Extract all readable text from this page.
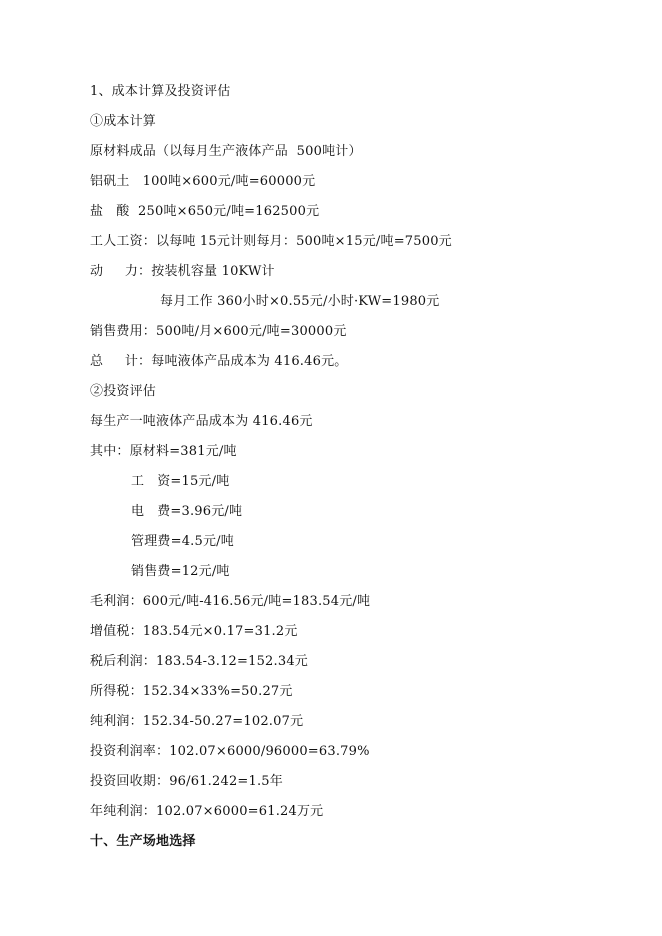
1、成本计算及投资评估
①成本计算
原材料成品（以每月生产液体产品  500吨计）
铝矾土   100吨×600元/吨=60000元
盐   酸  250吨×650元/吨=162500元
工人工资：以每吨 15元计则每月：500吨×15元/吨=7500元
动     力：按装机容量 10KW计
每月工作 360小时×0.55元/小时·KW=1980元
销售费用：500吨/月×600元/吨=30000元
总     计：每吨液体产品成本为 416.46元。
②投资评估
每生产一吨液体产品成本为 416.46元
其中：原材料=381元/吨
工   资=15元/吨
电   费=3.96元/吨
管理费=4.5元/吨
销售费=12元/吨
毛利润：600元/吨-416.56元/吨=183.54元/吨
增值税：183.54元×0.17=31.2元
税后利润：183.54-3.12=152.34元
所得税：152.34×33%=50.27元
纯利润：152.34-50.27=102.07元
投资利润率：102.07×6000/96000=63.79%
投资回收期：96/61.242=1.5年
年纯利润：102.07×6000=61.24万元
十、生产场地选择
